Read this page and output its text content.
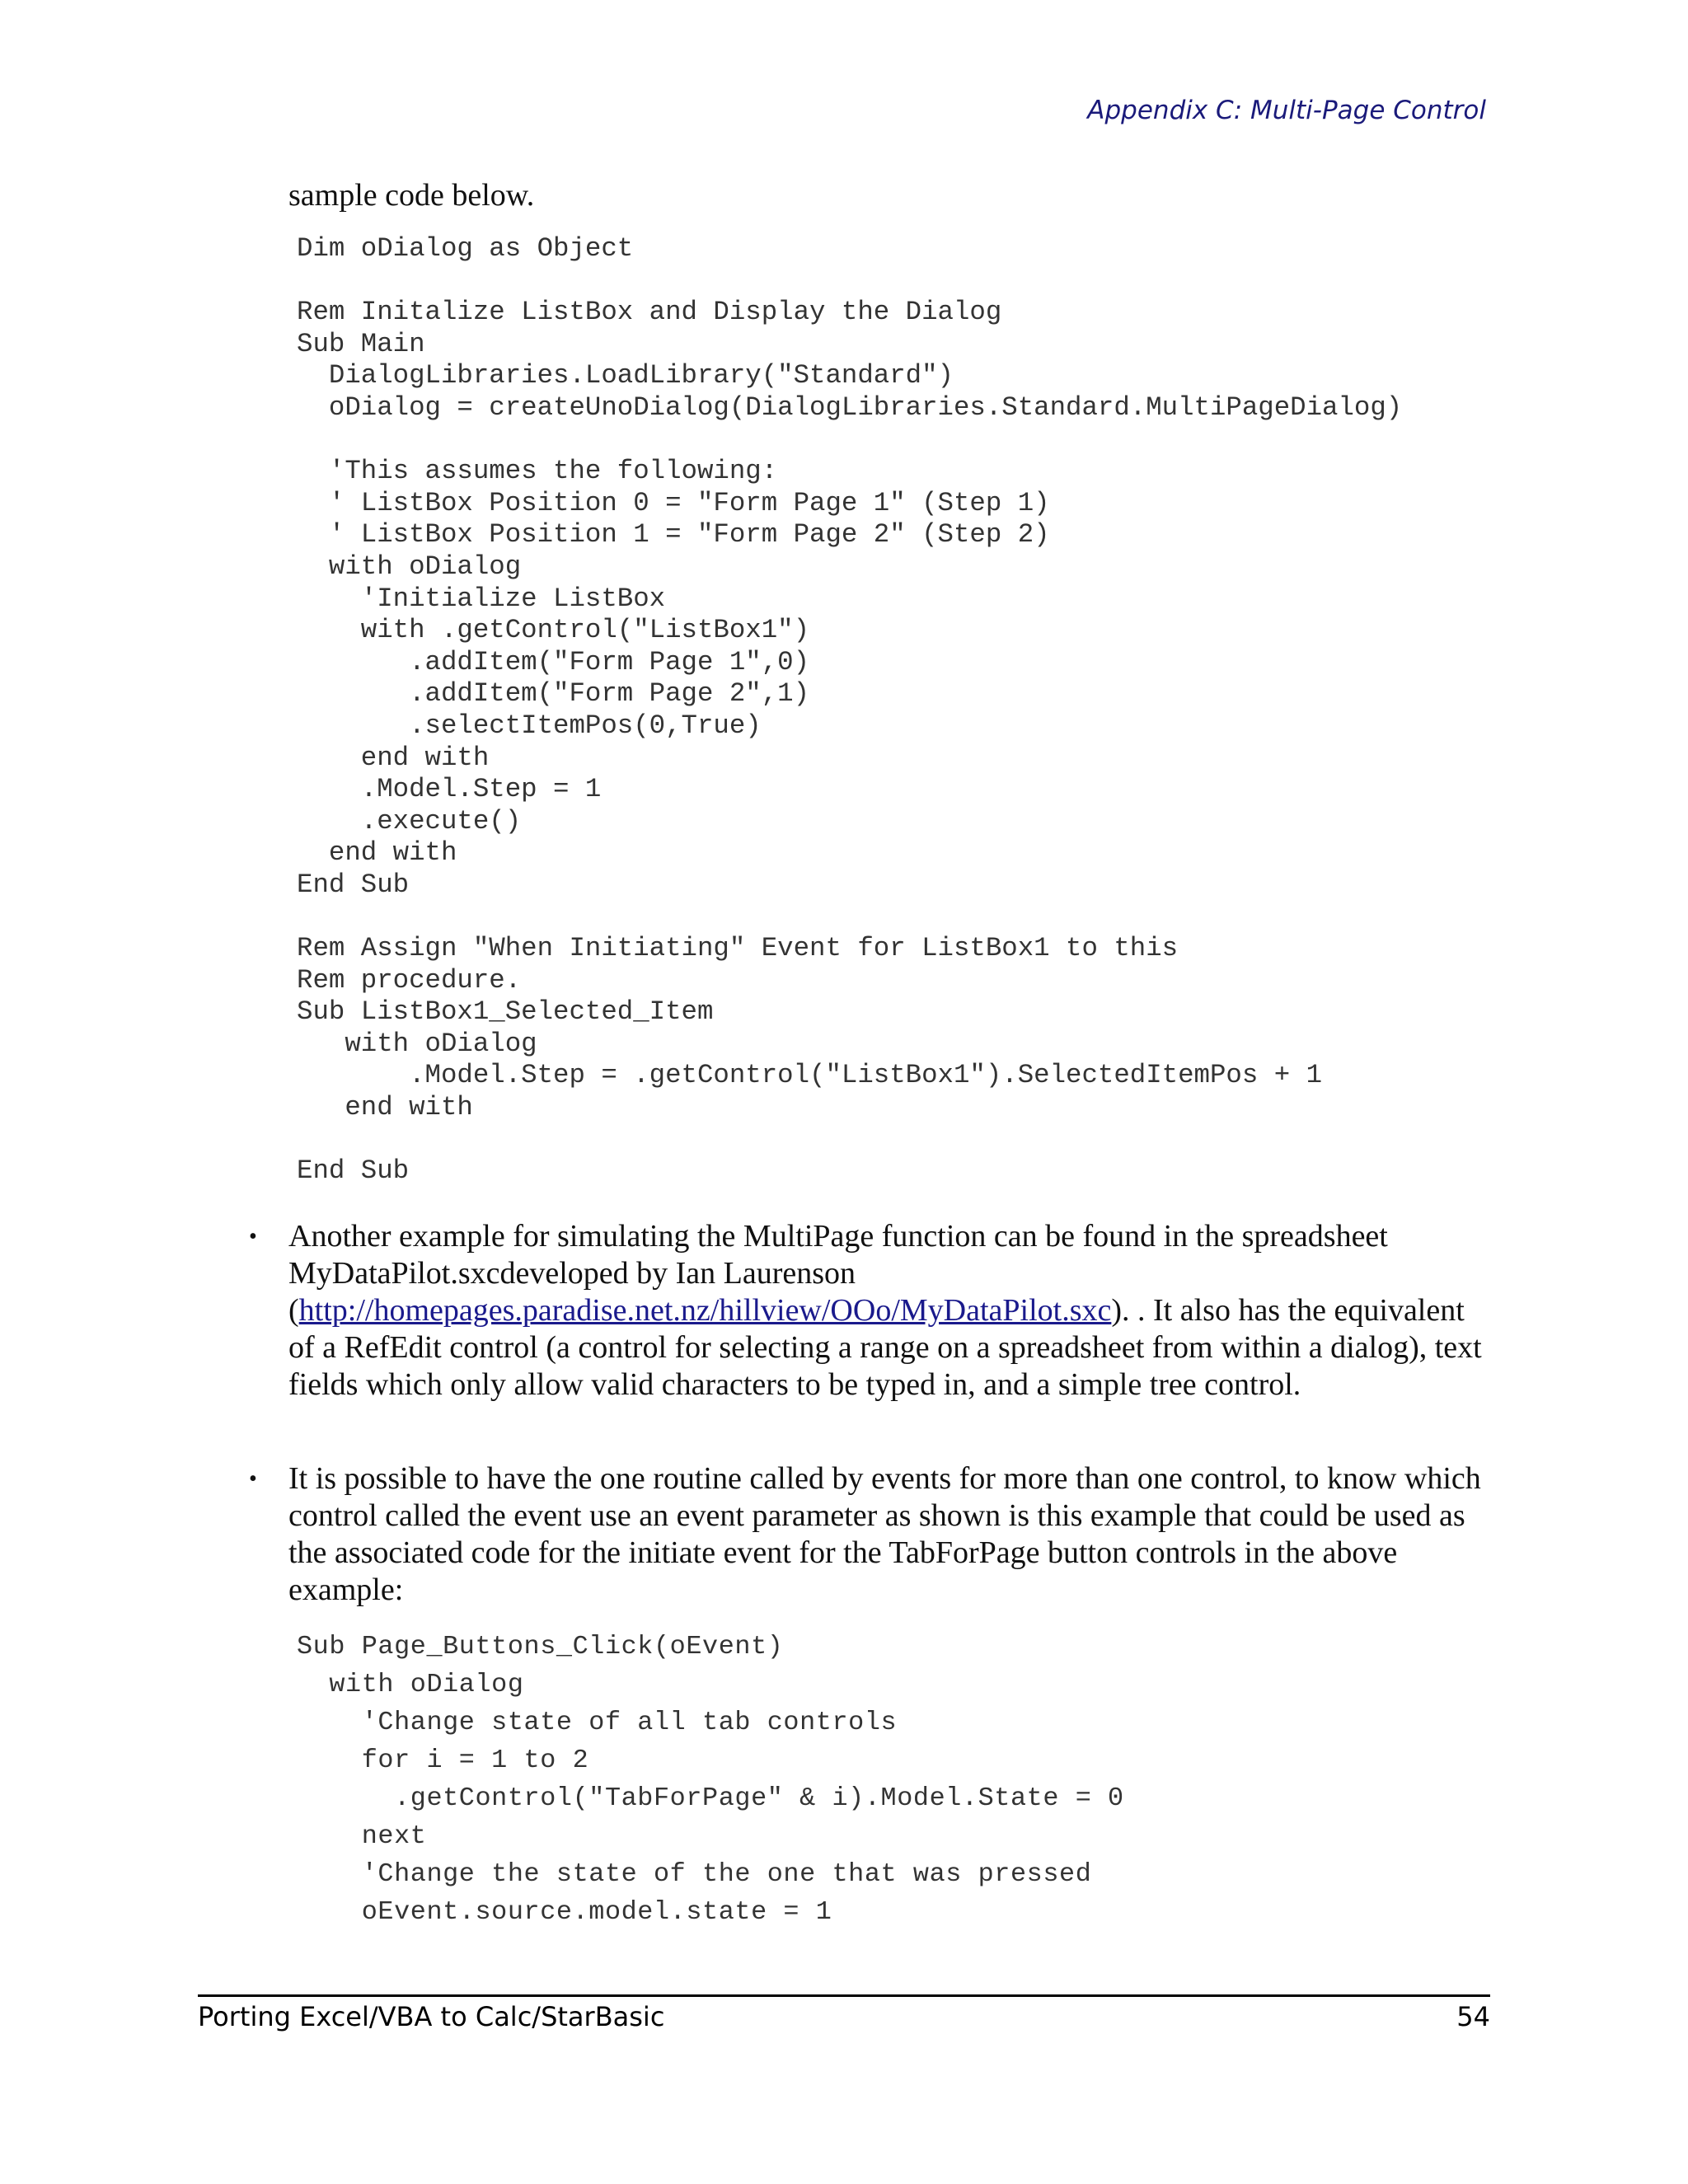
Appendix C: Multi-Page Control
sample code below.
Dim oDialog as Object

Rem Initalize ListBox and Display the Dialog
Sub Main
DialogLibraries.LoadLibrary("Standard")
oDialog = createUnoDialog(DialogLibraries.Standard.MultiPageDialog)

'This assumes the following:
' ListBox Position 0 = "Form Page 1" (Step 1)
' ListBox Position 1 = "Form Page 2" (Step 2)
with oDialog
'Initialize ListBox
with .getControl("ListBox1")
.addItem("Form Page 1",0)
.addItem("Form Page 2",1)
.selectItemPos(0,True)
end with
.Model.Step = 1
.execute()
end with
End Sub

Rem Assign "When Initiating" Event for ListBox1 to this
Rem procedure.
Sub ListBox1_Selected_Item
with oDialog
.Model.Step = .getControl("ListBox1").SelectedItemPos + 1
end with

End Sub
• Another example for simulating the MultiPage function can be found in the spreadsheet MyDataPilot.sxcdeveloped by Ian Laurenson (http://homepages.paradise.net.nz/hillview/OOo/MyDataPilot.sxc). . It also has the equivalent of a RefEdit control (a control for selecting a range on a spreadsheet from within a dialog), text fields which only allow valid characters to be typed in, and a simple tree control.
• It is possible to have the one routine called by events for more than one control, to know which control called the event use an event parameter as shown is this example that could be used as the associated code for the initiate event for the TabForPage button controls in the above example:
Sub Page_Buttons_Click(oEvent)
with oDialog
'Change state of all tab controls
for i = 1 to 2
.getControl("TabForPage" & i).Model.State = 0
next
'Change the state of the one that was pressed
oEvent.source.model.state = 1
Porting Excel/VBA to Calc/StarBasic	54
